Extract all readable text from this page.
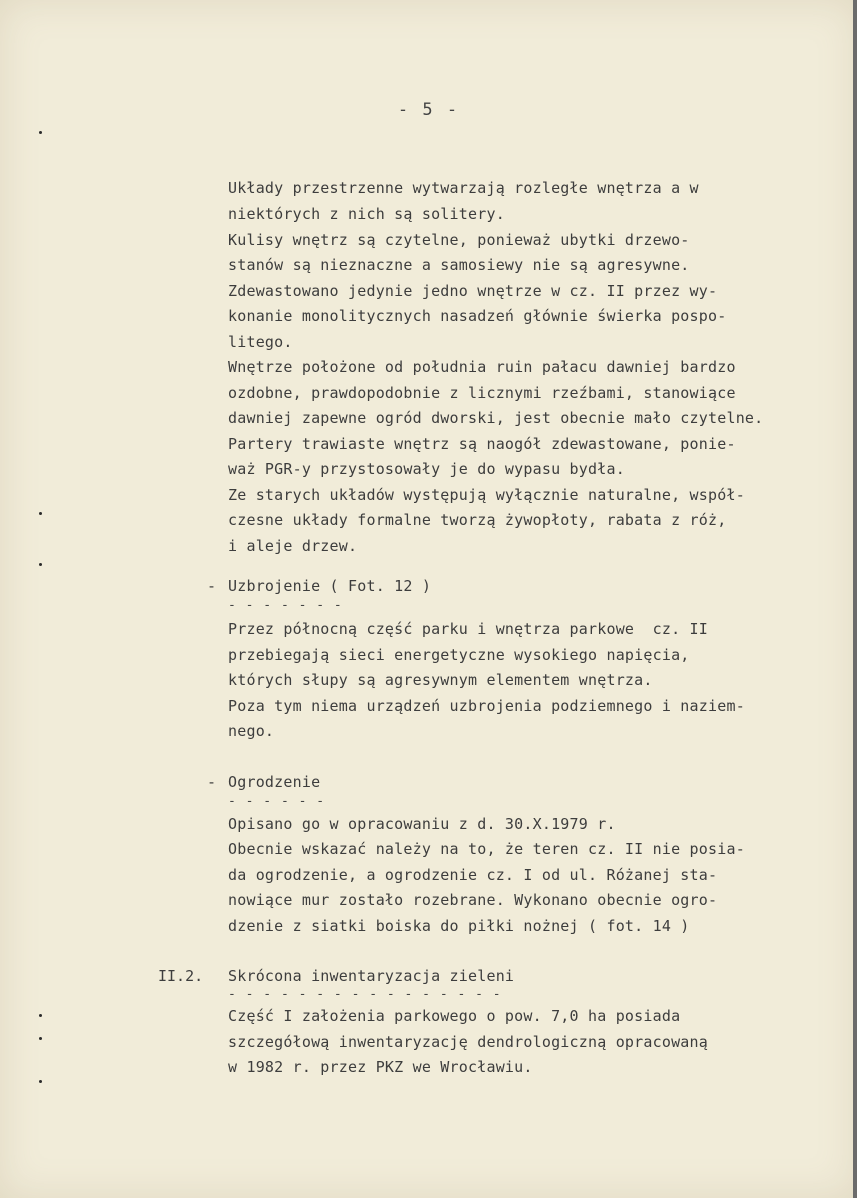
- 5 -
Układy przestrzenne wytwarzają rozległe wnętrza a w
niektórych z nich są solitery.
Kulisy wnętrz są czytelne, ponieważ ubytki drzewo-
stanów są nieznaczne a samosiewy nie są agresywne.
Zdewastowano jedynie jedno wnętrze w cz. II przez wy-
konanie monolitycznych nasadzeń głównie świerka pospo-
litego.
Wnętrze położone od południa ruin pałacu dawniej bardzo
ozdobne, prawdopodobnie z licznymi rzeźbami, stanowiące
dawniej zapewne ogród dworski, jest obecnie mało czytelne.
Partery trawiaste wnętrz są naogół zdewastowane, ponie-
waż PGR-y przystosowały je do wypasu bydła.
Ze starych układów występują wyłącznie naturalne, współ-
czesne układy formalne tworzą żywopłoty, rabata z róż,
i aleje drzew.
- Uzbrojenie ( Fot. 12 )
- - - - - - -
Przez północną część parku i wnętrza parkowe  cz. II
przebiegają sieci energetyczne wysokiego napięcia,
których słupy są agresywnym elementem wnętrza.
Poza tym niema urządzeń uzbrojenia podziemnego i naziem-
nego.
- Ogrodzenie
- - - - - -
Opisano go w opracowaniu z d. 30.X.1979 r.
Obecnie wskazać należy na to, że teren cz. II nie posia-
da ogrodzenie, a ogrodzenie cz. I od ul. Różanej sta-
nowiące mur zostało rozebrane. Wykonano obecnie ogro-
dzenie z siatki boiska do piłki nożnej ( fot. 14 )
II.2. Skrócona inwentaryzacja zieleni
- - - - - - - - - - - - - - - -
Część I założenia parkowego o pow. 7,0 ha posiada
szczegółową inwentaryzację dendrologiczną opracowaną
w 1982 r. przez PKZ we Wrocławiu.
